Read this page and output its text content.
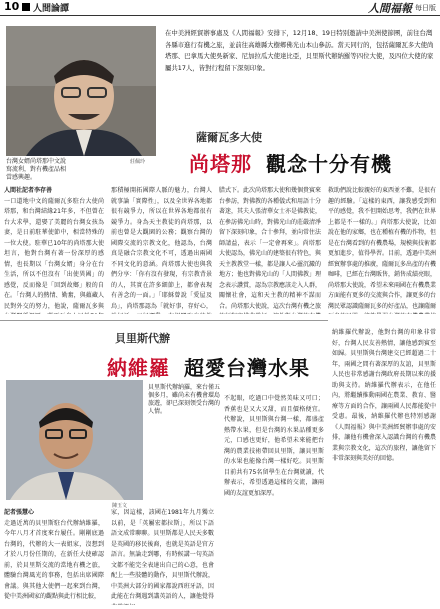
10 人間論譚	人間福報 每日版
台灣女婿尚塔那中文說寫流利，對有機產品相當感興趣。
莊佩玲
在中美洲經貿辦事處及《人間福報》安排下，12月18、19日特別邀請中美洲使節團，前往台灣各縣市進行有機之旅，並前往高雄縣大樹鄉佛光山本山參訪。當天同行的，包括薩爾瓦多大使尚塔那、巴拿馬大使吳新家、尼加拉瓜大使達比亞，貝里斯代辦納羅等四位大使，及四位大使的家屬共17人，皆對行程留下深刻印象。
薩爾瓦多大使
尚塔那 觀念十分有機

人間社記者李存善

一口道地中文的薩爾瓦多駐台大使尚塔那，和台灣結緣21年多，不但曾在台大求學，還娶了美麗的台灣女孩為妻，是日前駐華使節中，相當特殊的一位大使。駐華已10年的尚塔那大使坦言，他對台灣有著一份深厚的感情，也長期以「台灣女婿」身分在台生活，所以不但沒有「出使異國」的感覺，反而像是「回到故鄉」般的自在。「台灣人的熱情、勤奮，與蘊藏人民對外交的努力，他說，薩爾瓦多與

那積極開拓國際人脈的魅力，台灣人就事論「實際性」，以及全世界各地都很有競爭力，所以在世界各地都很有競爭力。身為天主教徒的尚塔那，以前也曾是大觀園的公務；觀察台灣的國際交流的宗教文化，他認為，台灣真是融合宗教文化不可，透過出兩國不同文化的意涵。尚塔那大使也與我們分享：「你有沒有發現，有宗教背景的人，其實在許多細節上，都會表現有善念的一面。」「耶穌曾說「愛屋及烏」，尚塔那認為「就好事，存好心，

腊式下。此次尚塔那大使和幾個貴賓來台參訪，對佛教的各種儀式和用語十分著迷，其夫人張清華女士亦是佛教徒，在參訪佛光山時，對佛光山的莊嚴清淨留下深刻印象，合十參拜，並向常住法師請益，表示「一定會再來」。尚塔那大使認為，佛光山的建築很有特色，與天主教教堂一樣，都是讓人心靈沉澱的地方；他也對佛光山的「人間佛教」理念表示讚賞，認為宗教應該走入人群，關懷社會，這和天主教的精神不謀而合。尚塔那大使說，這次台灣有機之旅

救助們說比較親好的東西並不難，是很有趣的經驗。「這樣的東西，讓我感受到和平的感覺，我不但開始思考，我們在世界上都是不一樣的。」尚塔那大使說，比如說在他的家鄉，也在種植有機的作物，但是在台灣看到的有機農場，規模與技術都更加進步，值得學習。目前，透過中美洲經貿辦事處的推廣，薩爾瓦多出產的有機咖啡，已經在台灣販售，銷售成績亮眼，尚塔那大使說，希望未來兩國在有機農業方面能有更多的交流與合作，讓更多的台灣民眾認識薩爾瓦多的好產品，也讓薩爾

貝里斯代辦
納維羅 超愛台灣水果
貝里斯代辦納羅，來台僅五個多月，雖尚未有機會環島旅遊，卻已深刻領受台灣的人情。
陳玉文

記者張慧心

走過近萬的貝里斯駐台代辦納維羅，今年八月才首度來台履任。剛剛底過台灣的，代辦的大一表姐家，沒想到才於八月份任期的，在新任大使確認前，於貝里斯交流的當地有機之旅，體驗台灣風光的事務，包括出席國際會議。與其他大使們一起來到台灣，從中美洲國家的觀點與此行相比較，

家，因這樣，該國在1981年九月獨立以前，是「英屬宏都拉斯」，所以下語語文成常聊聊。貝里斯都是人民天多數是英國的移民後裔，也就是英語是官方語言。無論走到哪，有時候講一句英語文都不能完全表達出自己的心意，也會配上一些肢體的動作，貝里斯代辦說，中美洲大部分的國家都說西班牙語，因此能在台灣遇到講英語的人，讓他覺得

不起眼，吃過口中覺然美味又可口；香蕉也是又大又甜，而且價格便宜。代辦說，貝里斯與台灣一樣，都盛產熱帶水果，但是台灣的水果品種更多元，口感也更好，他希望未來能把台灣的農業技術帶回貝里斯，讓貝里斯的水果也能像台灣一樣好吃。貝里斯目前共有75名留學生在台灣就讀，代辦表示，希望透過這樣的交流，讓兩國的友誼更加深厚。

納維羅代辦說，他對台灣的印象非常好，台灣人民友善熱情，讓他感到賓至如歸。貝里斯與台灣建交已經超過二十年，兩國之間有著深厚的友誼，貝里斯人民也非常感謝台灣政府長期以來的援助與支持。納維羅代辦表示，在他任內，將繼續推動兩國在農業、教育、醫療等方面的合作，讓兩國人民都能從中受惠。最後，納維羅代辦也特別感謝《人間福報》與中美洲經貿辦事處的安排，讓他有機會深入認識台灣的有機農業與宗教文化，這次的旅程，讓他留下非常深刻與美好的回憶。
